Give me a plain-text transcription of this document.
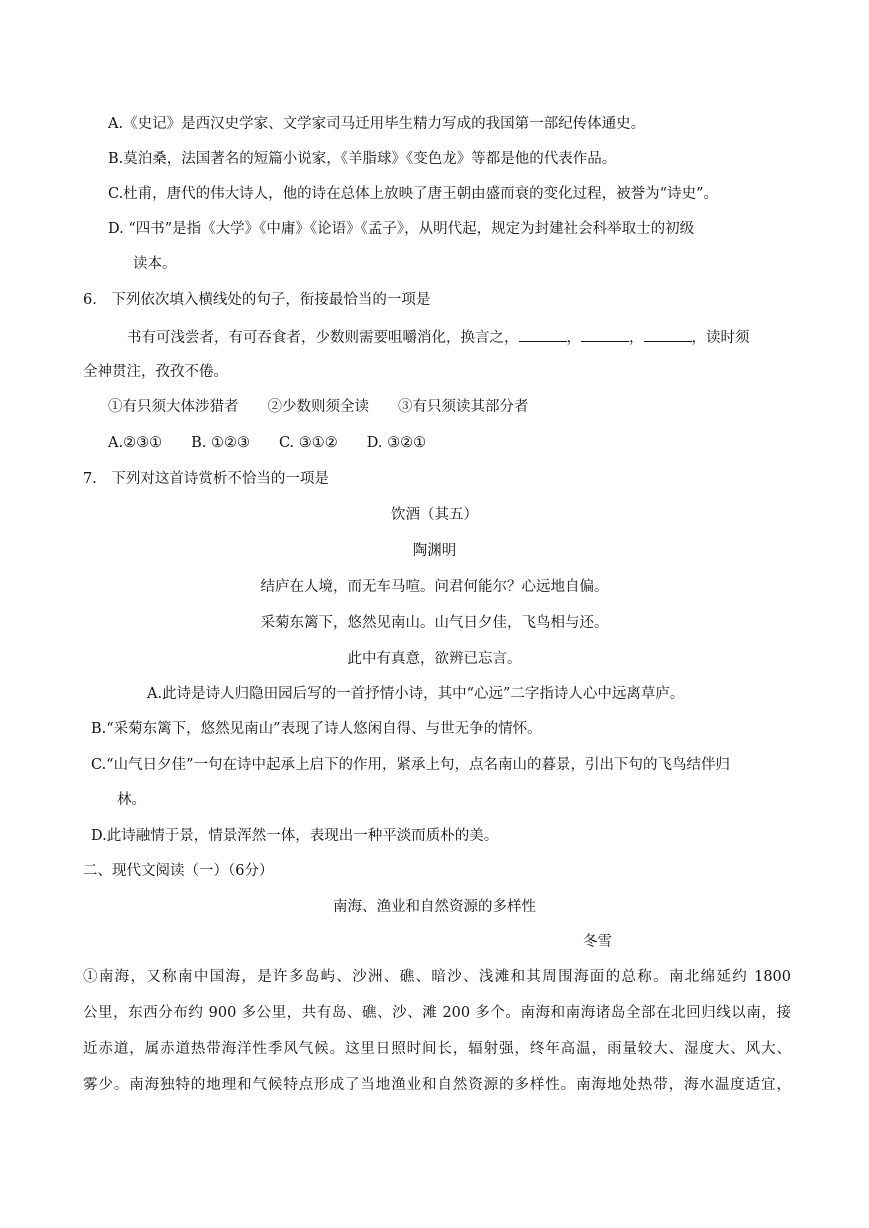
A.《史记》是西汉史学家、文学家司马迁用毕生精力写成的我国第一部纪传体通史。
B.莫泊桑，法国著名的短篇小说家，《羊脂球》《变色龙》等都是他的代表作品。
C.杜甫，唐代的伟大诗人，他的诗在总体上放映了唐王朝由盛而衰的变化过程，被誉为“诗史”。
D. “四书”是指《大学》《中庸》《论语》《孟子》，从明代起，规定为封建社会科举取士的初级
读本。
6.　下列依次填入横线处的句子，衔接最恰当的一项是
书有可浅尝者，有可吞食者，少数则需要咀嚼消化，换言之，	，	，	，读时须
全神贯注，孜孜不倦。
①有只须大体涉猎者　　②少数则须全读　　③有只须读其部分者
A.②③①　　B. ①②③　　C. ③①②　　D. ③②①
7.　下列对这首诗赏析不恰当的一项是
饮酒（其五）
陶渊明
结庐在人境，而无车马喧。问君何能尔？心远地自偏。
采菊东篱下，悠然见南山。山气日夕佳，飞鸟相与还。
此中有真意，欲辨已忘言。
A.此诗是诗人归隐田园后写的一首抒情小诗，其中“心远”二字指诗人心中远离草庐。
B.“采菊东篱下，悠然见南山”表现了诗人悠闲自得、与世无争的情怀。
C.“山气日夕佳”一句在诗中起承上启下的作用，紧承上句，点名南山的暮景，引出下句的飞鸟结伴归
林。
D.此诗融情于景，情景浑然一体，表现出一种平淡而质朴的美。
二、现代文阅读（一）（6分）
南海、渔业和自然资源的多样性
冬雪
①南海，又称南中国海，是许多岛屿、沙洲、礁、暗沙、浅滩和其周围海面的总称。南北绵延约 1800
公里，东西分布约 900 多公里，共有岛、礁、沙、滩 200 多个。南海和南海诸岛全部在北回归线以南，接
近赤道，属赤道热带海洋性季风气候。这里日照时间长，辐射强，终年高温，雨量较大、湿度大、风大、
雾少。南海独特的地理和气候特点形成了当地渔业和自然资源的多样性。南海地处热带，海水温度适宜，
